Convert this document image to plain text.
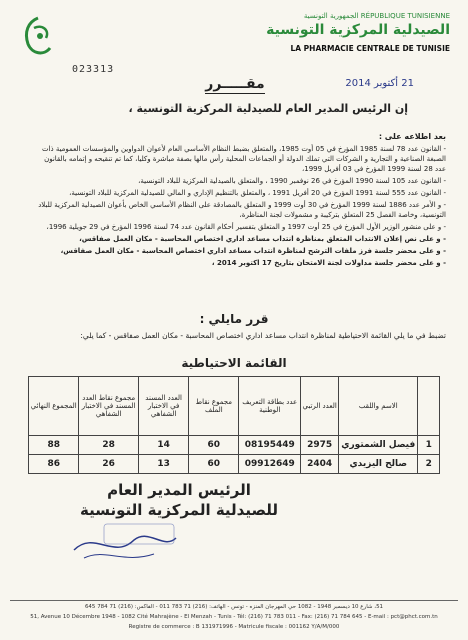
الجمهورية التونسية RÉPUBLIQUE TUNISIENNE
الصيدلية المركزية التونسية
LA PHARMACIE CENTRALE DE TUNISIE
023313
مقـــــرر	21 أكتوبر 2014
إن الرئيس المدير العام للصيدلية المركزية التونسية ،

بعد اطلاعه على :

- القانون عدد 78 لسنة 1985 المؤرخ في 05 أوت 1985، والمتعلق بضبط النظام الأساسي العام لأعوان الدواوين والمؤسسات العمومية ذات الصبغة الصناعية و التجارية و الشركات التي تملك الدولة أو الجماعات المحلية رأس مالها بصفة مباشرة وكليا، كما تم تنقيحه و إتمامه بالقانون عدد 28 لسنة 1999 المؤرخ في 03 أفريل 1999،

- القانون عدد 105 لسنة 1990 المؤرخ في 26 نوفمبر 1990 ، والمتعلق بالصيدلية المركزية للبلاد التونسية،

- القانون عدد 555 لسنة 1991 المؤرخ في 20 أفريل 1991 ، والمتعلق بالتنظيم الإداري و المالي للصيدلية المركزية للبلاد التونسية،

- و الأمر عدد 1886 لسنة 1999 المؤرخ في 30 أوت 1999 و المتعلق بالمصادقة على النظام الأساسي الخاص بأعوان الصيدلية المركزية للبلاد التونسية، وخاصة الفصل 25 المتعلق بتركيبة و مشمولات لجنة المناظرة،

- و على منشور الوزير الأول المؤرخ في 25 أوت 1997 و المتعلق بتفسير أحكام القانون عدد 74 لسنة 1996 المؤرخ في 29 جويلية 1996،

- و على نص إعلان الانتداب المتعلق بمناظرة انتداب مساعد اداري اختصاص المحاسبة - مكان العمل صفاقس،

- و على محضر جلسة فرز ملفات الترشح لمناظرة انتداب مساعد اداري اختصاص المحاسبة - مكان العمل صفاقس،

- و على محضر جلسة مداولات لجنة الامتحان بتاريخ 17 اكتوبر 2014 ،

قرر مايلي :
تضبط في ما يلي القائمة الاحتياطية لمناظرة انتداب مساعد اداري اختصاص المحاسبة - مكان العمل صفاقس - كما يلي:
القائمة الاحتياطية
	الاسم واللقب	العدد الرتبي	عدد بطاقة التعريف الوطنية	مجموع نقاط الملف	العدد المسند في الاختبار الشفاهي	مجموع نقاط العدد المسند في الاختبار الشفاهي	المجموع النهائي
1	فيصل الشمتوري	2975	08195449	60	14	28	88
2	صالح اليزيدي	2404	09912649	60	13	26	86
الرئيس المدير العام
للصيدلية المركزية التونسية
51، شارع 10 ديسمبر 1948 - 1082 حي المهرجان المنزه - تونس - الهاتف: (216) 71 783 011 - الفاكس: (216) 71 784 645
51, Avenue 10 Décembre 1948 - 1082 Cité Mahrajène - El Menzah - Tunis - Tél: (216) 71 783 011 - Fax: (216) 71 784 645 - E-mail : pct@phct.com.tn
Registre de commerce : B 131971996 - Matricule fiscale : 001162 Y/A/M/000
